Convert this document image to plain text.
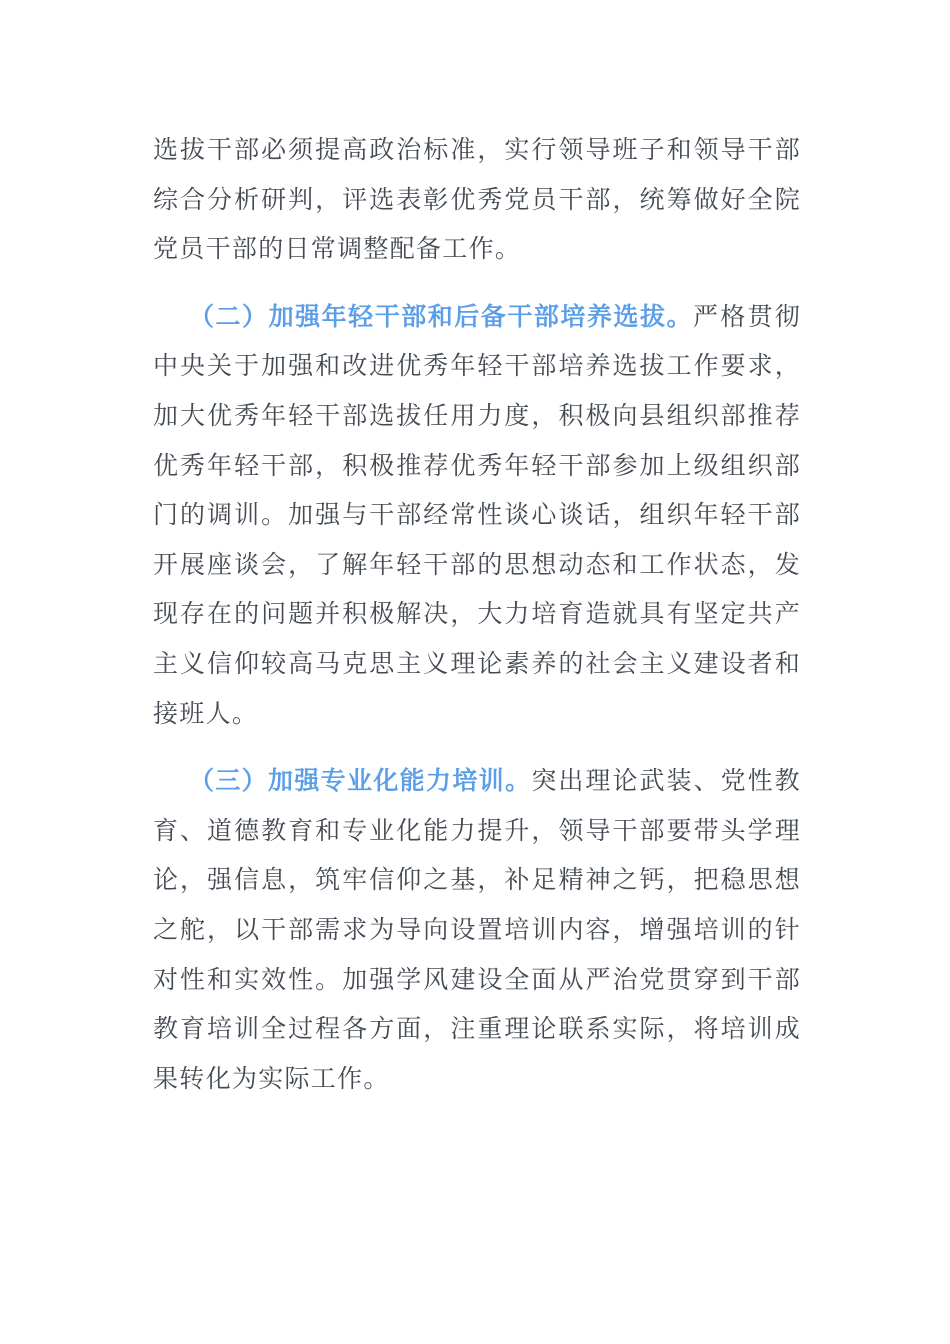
选拔干部必须提高政治标准，实行领导班子和领导干部综合分析研判，评选表彰优秀党员干部，统筹做好全院党员干部的日常调整配备工作。

（二）加强年轻干部和后备干部培养选拔。严格贯彻中央关于加强和改进优秀年轻干部培养选拔工作要求，加大优秀年轻干部选拔任用力度，积极向县组织部推荐优秀年轻干部，积极推荐优秀年轻干部参加上级组织部门的调训。加强与干部经常性谈心谈话，组织年轻干部开展座谈会，了解年轻干部的思想动态和工作状态，发现存在的问题并积极解决，大力培育造就具有坚定共产主义信仰较高马克思主义理论素养的社会主义建设者和接班人。

（三）加强专业化能力培训。突出理论武装、党性教育、道德教育和专业化能力提升，领导干部要带头学理论，强信息，筑牢信仰之基，补足精神之钙，把稳思想之舵，以干部需求为导向设置培训内容，增强培训的针对性和实效性。加强学风建设全面从严治党贯穿到干部教育培训全过程各方面，注重理论联系实际，将培训成果转化为实际工作。
